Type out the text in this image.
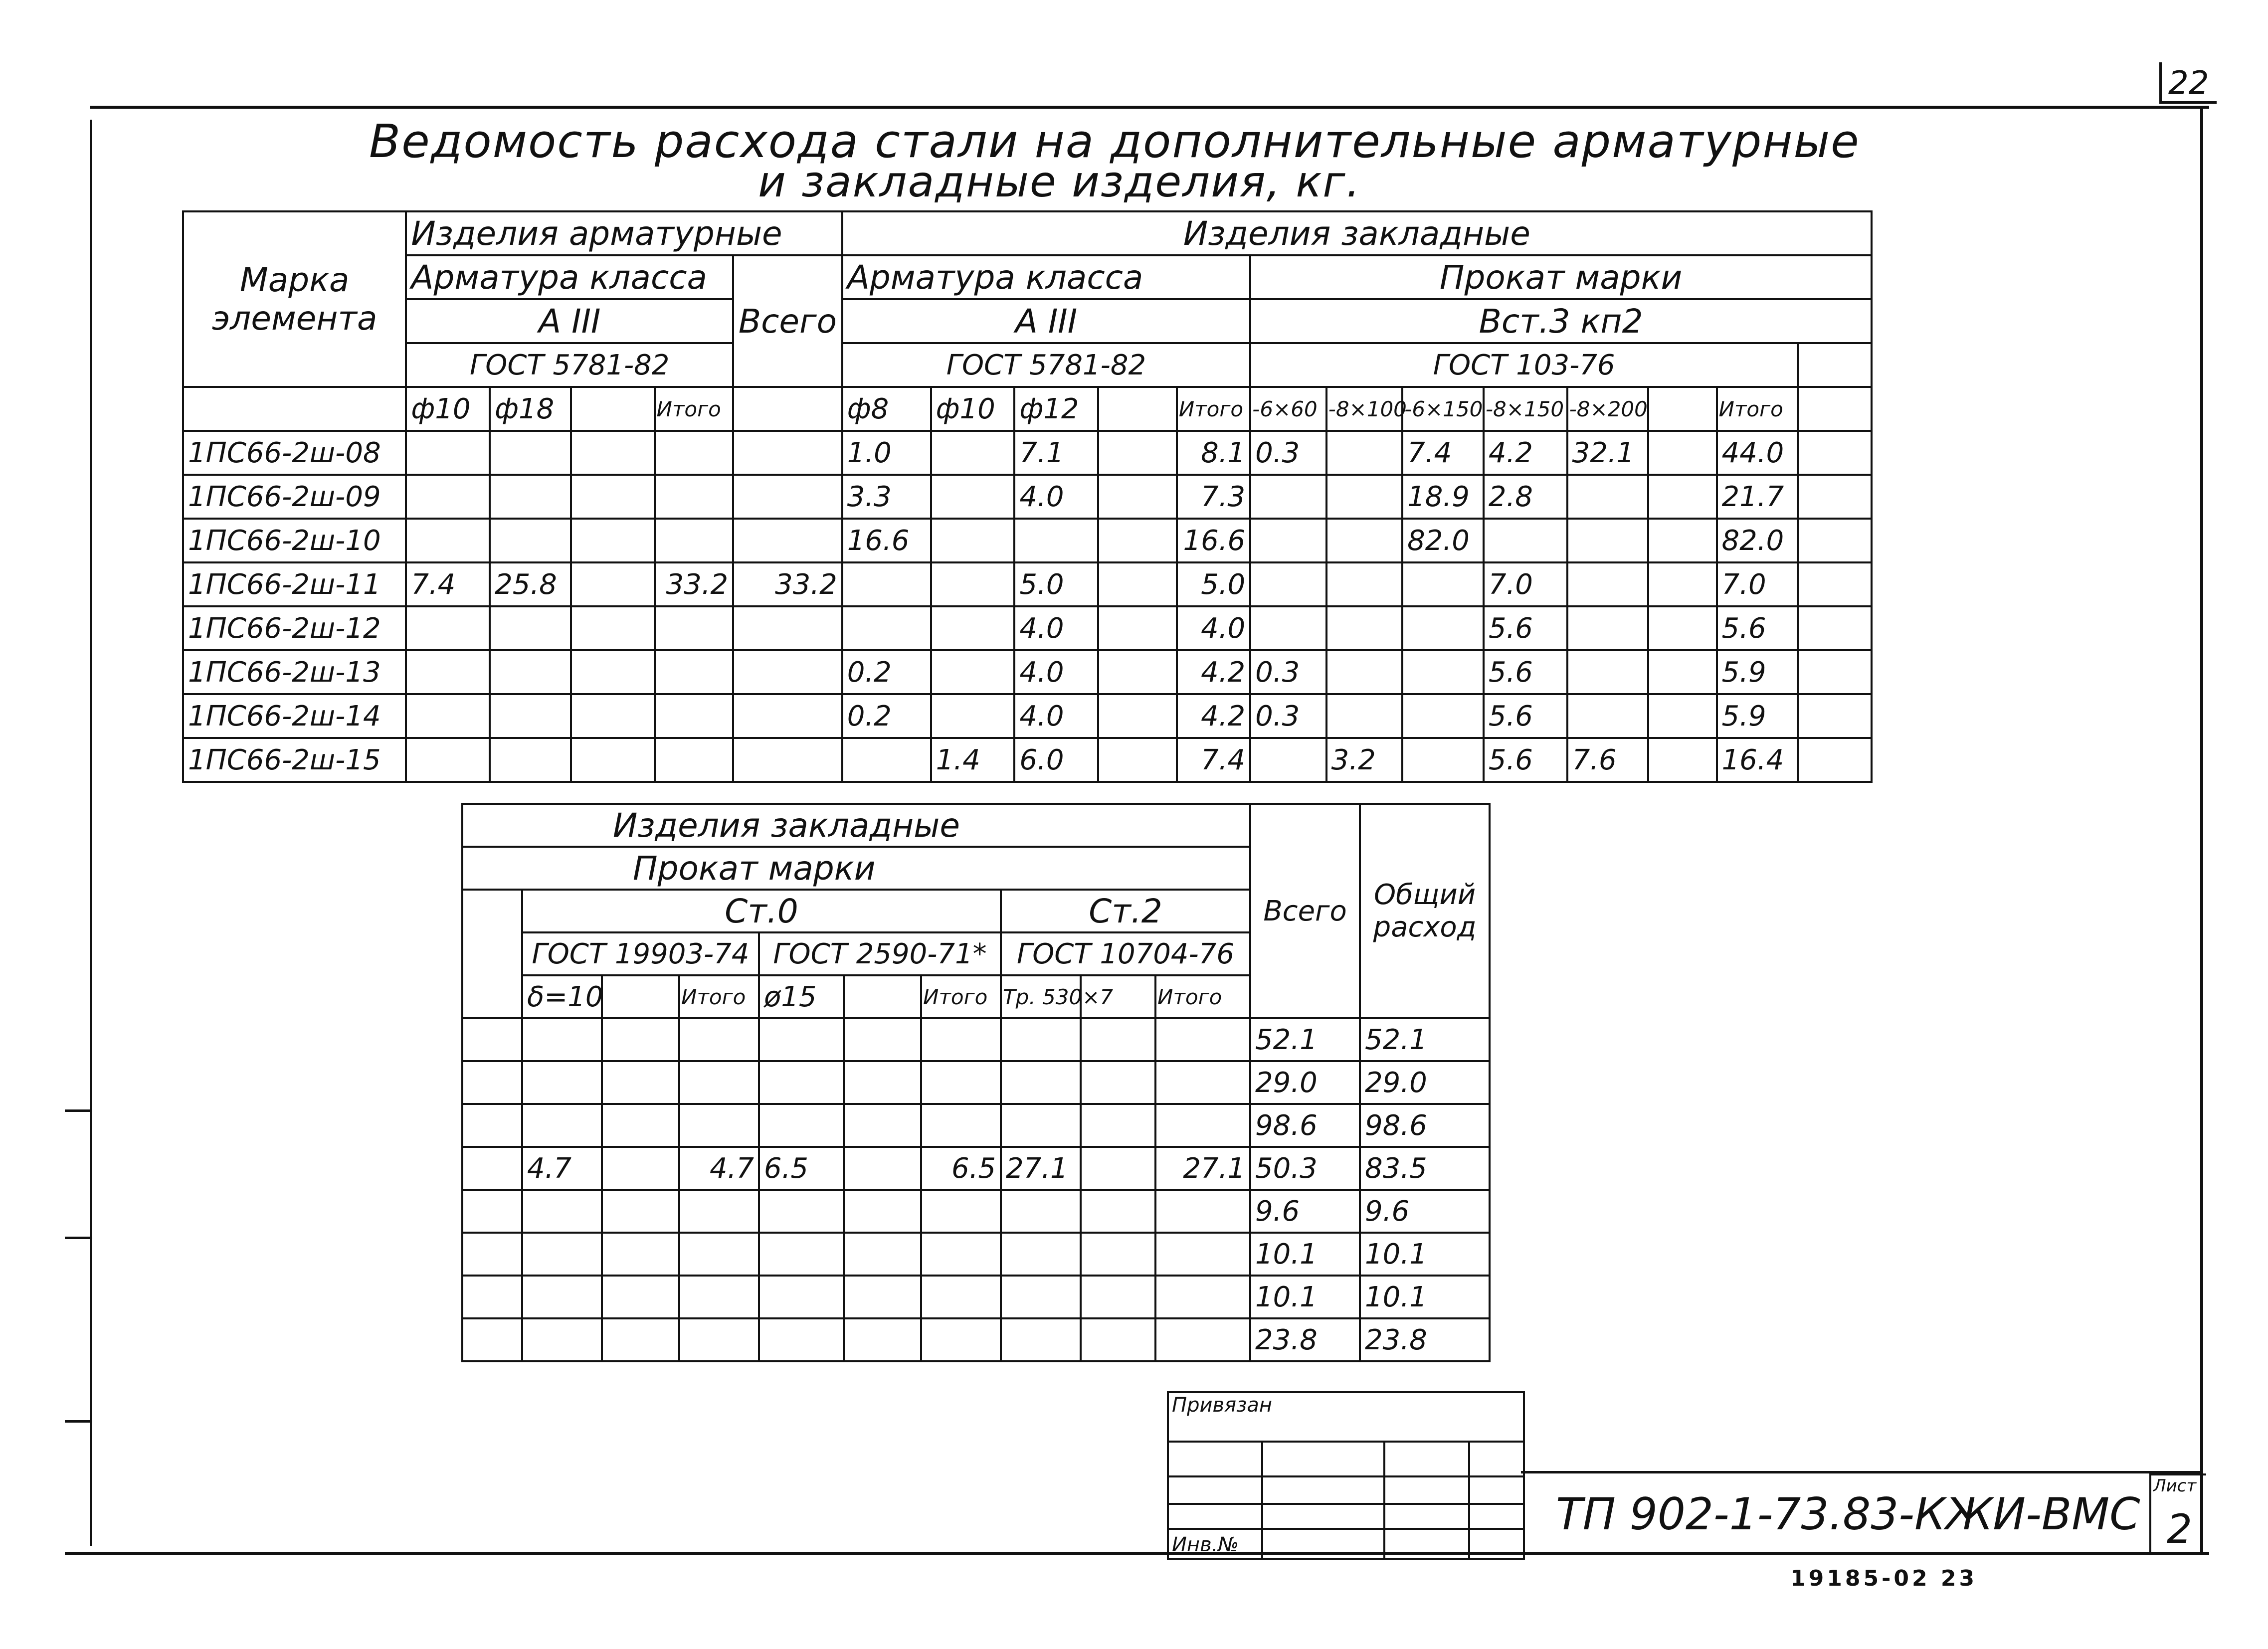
22
Ведомость расхода стали на дополнительные арматурные
и закладные изделия, кг.
Марка элемента	Изделия арматурные					Изделия закладные												
	Арматура класса				Всего	Арматура класса					Прокат марки							
	A III					A III					Вст.3 кп2							
	ГОСТ 5781-82					ГОСТ 5781-82					ГОСТ 103-76							
	ф10	ф18		Итого		ф8	ф10	ф12		Итого	-6×60	-8×100	-6×150	-8×150	-8×200		Итого	
1ПС66-2ш-08						1.0		7.1		8.1	0.3		7.4	4.2	32.1		44.0	
1ПС66-2ш-09						3.3		4.0		7.3			18.9	2.8			21.7	
1ПС66-2ш-10						16.6				16.6			82.0				82.0	
1ПС66-2ш-11	7.4	25.8		33.2	33.2			5.0		5.0				7.0			7.0	
1ПС66-2ш-12								4.0		4.0				5.6			5.6	
1ПС66-2ш-13						0.2		4.0		4.2	0.3			5.6			5.9	
1ПС66-2ш-14						0.2		4.0		4.2	0.3			5.6			5.9	
1ПС66-2ш-15							1.4	6.0		7.4		3.2		5.6	7.6		16.4	
Изделия закладные										Всего	Общий расход
Прокат марки											
	Ст.0						Ст.2				
	ГОСТ 19903-74			ГОСТ 2590-71*			ГОСТ 10704-76				
	δ=10		Итого	ø15		Итого	Тр. 530×7		Итого		
										52.1	52.1
										29.0	29.0
										98.6	98.6
	4.7		4.7	6.5		6.5	27.1		27.1	50.3	83.5
										9.6	9.6
										10.1	10.1
										10.1	10.1
										23.8	23.8
Привязан
Инв.№
ТП 902-1-73.83-КЖИ-ВМС
Лист
2
19185-02 23
